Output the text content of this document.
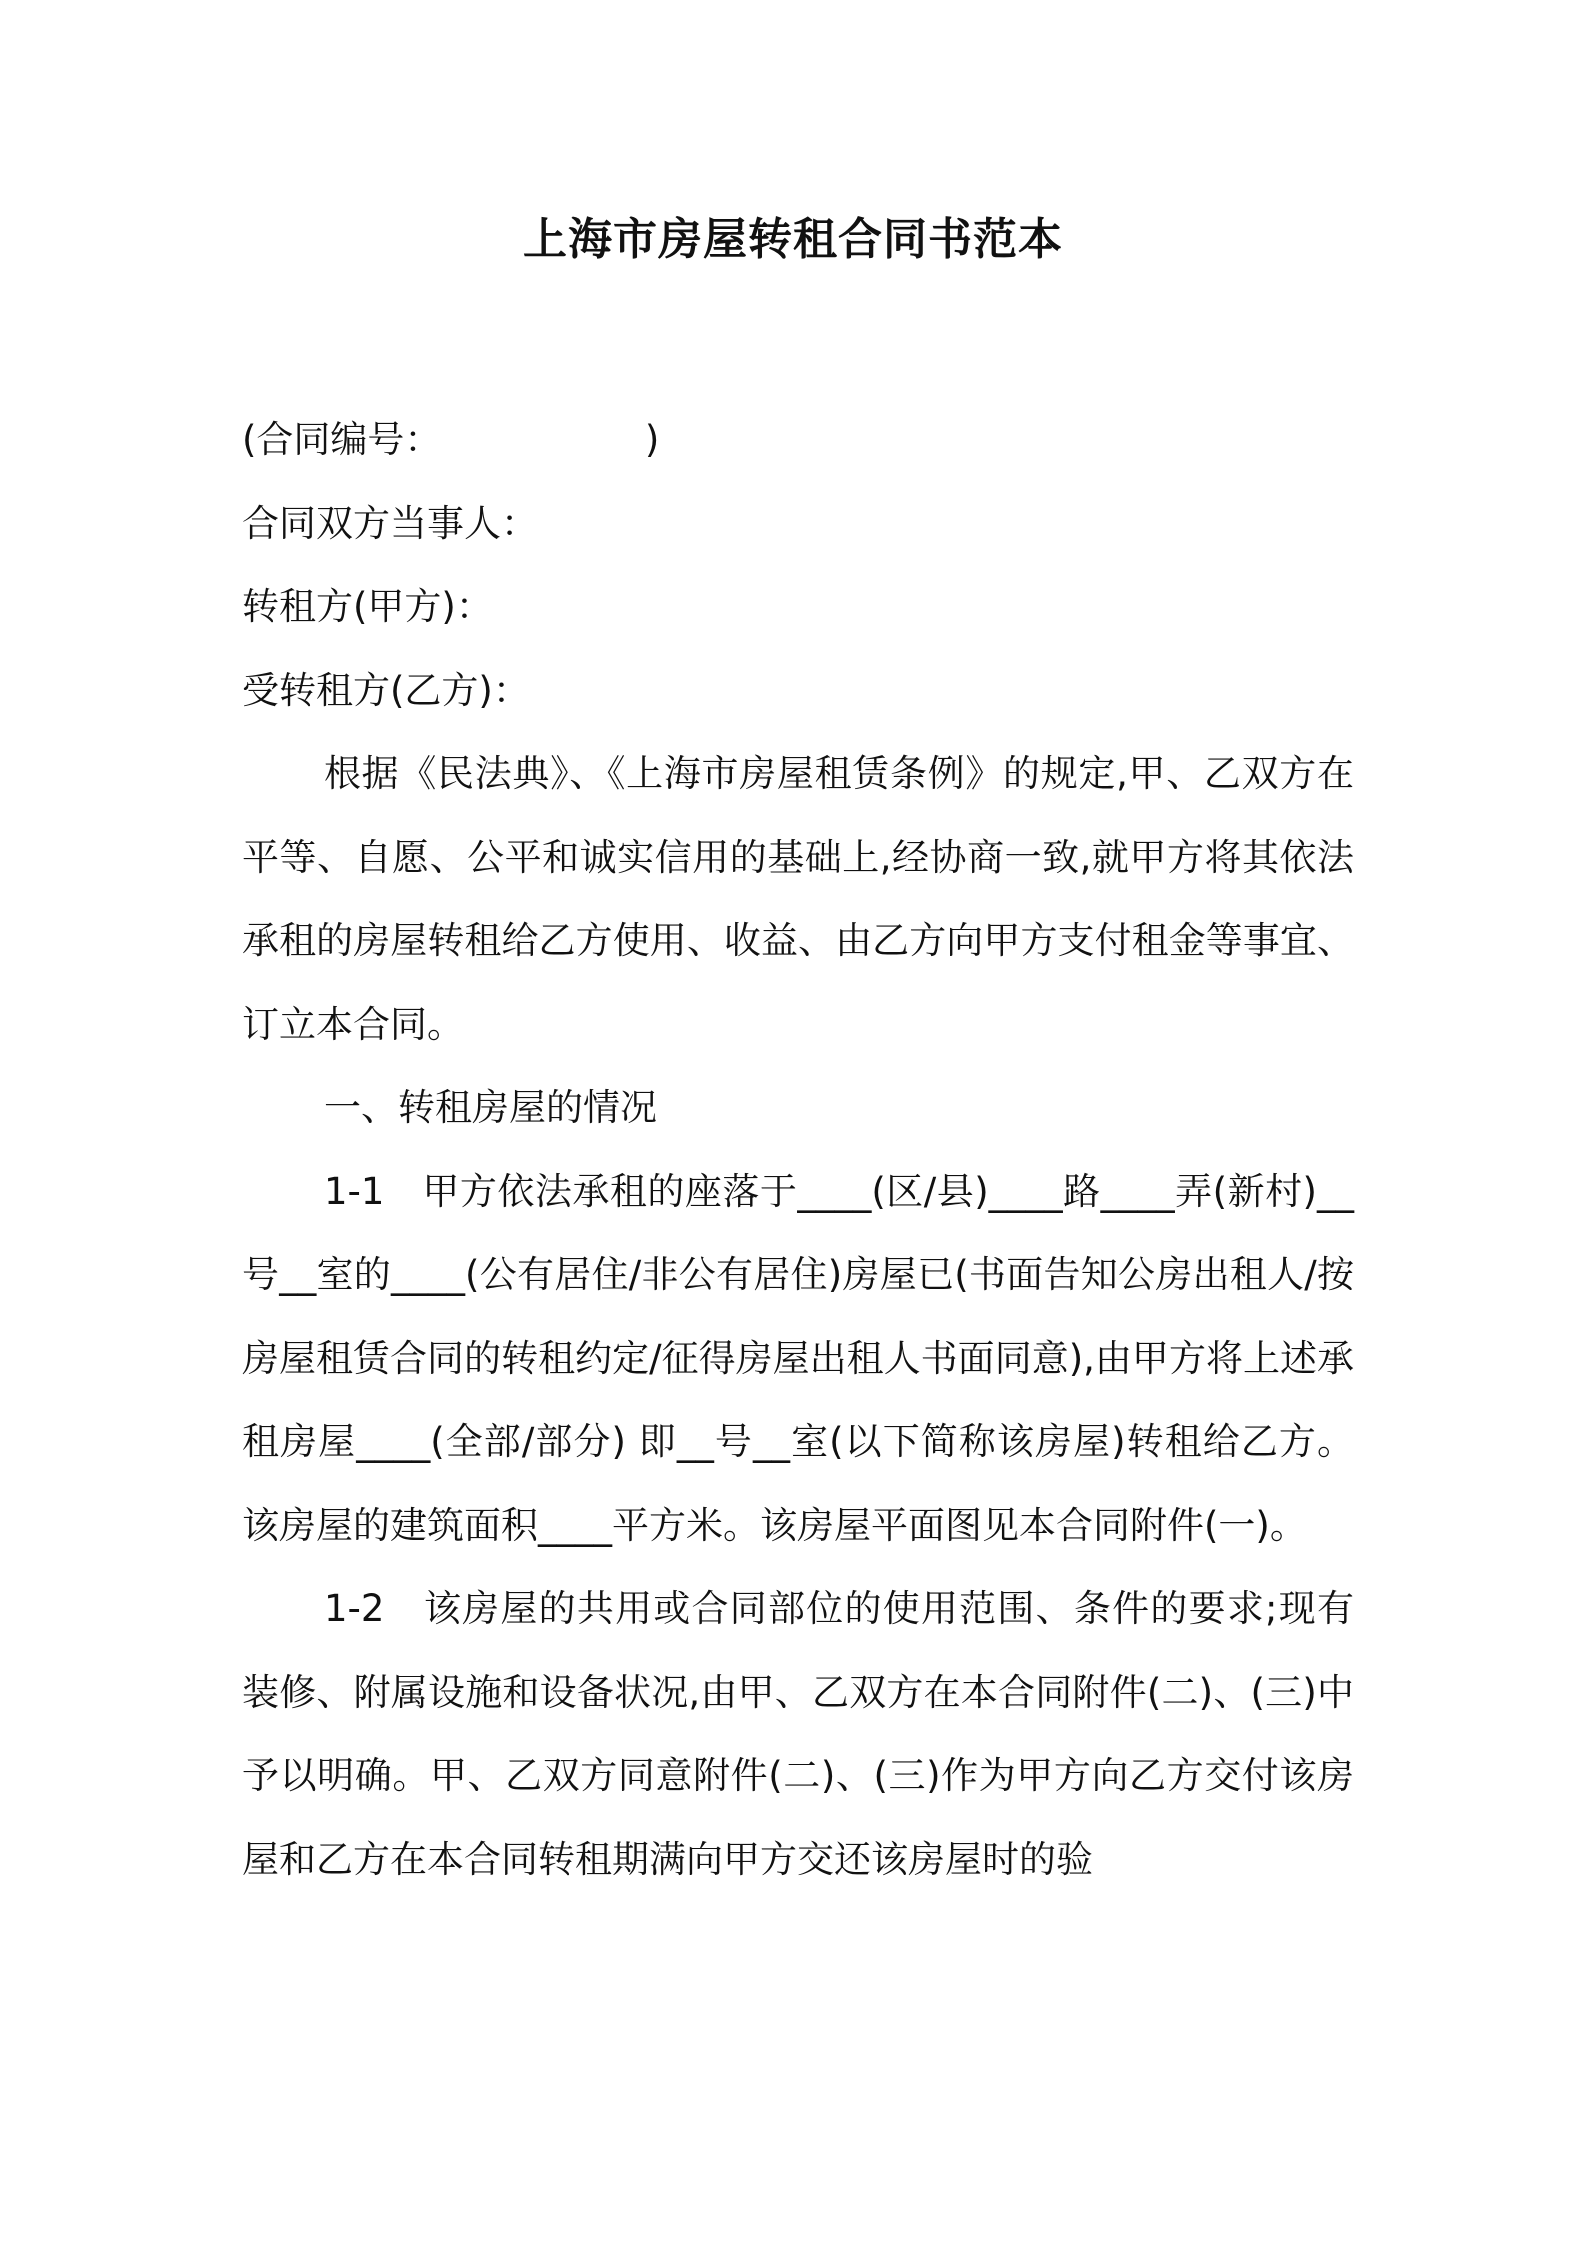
上海市房屋转租合同书范本

(合同编号：　　　　　　)

合同双方当事人：

转租方(甲方)：

受转租方(乙方)：

根据《民法典》、《上海市房屋租赁条例》的规定,甲、乙双方在平等、自愿、公平和诚实信用的基础上,经协商一致,就甲方将其依法承租的房屋转租给乙方使用、收益、由乙方向甲方支付租金等事宜、订立本合同。

一、转租房屋的情况

1-1　甲方依法承租的座落于____(区/县)____路____弄(新村)__号__室的____(公有居住/非公有居住)房屋已(书面告知公房出租人/按房屋租赁合同的转租约定/征得房屋出租人书面同意),由甲方将上述承租房屋____(全部/部分) 即__号__室(以下简称该房屋)转租给乙方。该房屋的建筑面积____平方米。该房屋平面图见本合同附件(一)。

1-2　该房屋的共用或合同部位的使用范围、条件的要求;现有装修、附属设施和设备状况,由甲、乙双方在本合同附件(二)、(三)中予以明确。甲、乙双方同意附件(二)、(三)作为甲方向乙方交付该房屋和乙方在本合同转租期满向甲方交还该房屋时的验
